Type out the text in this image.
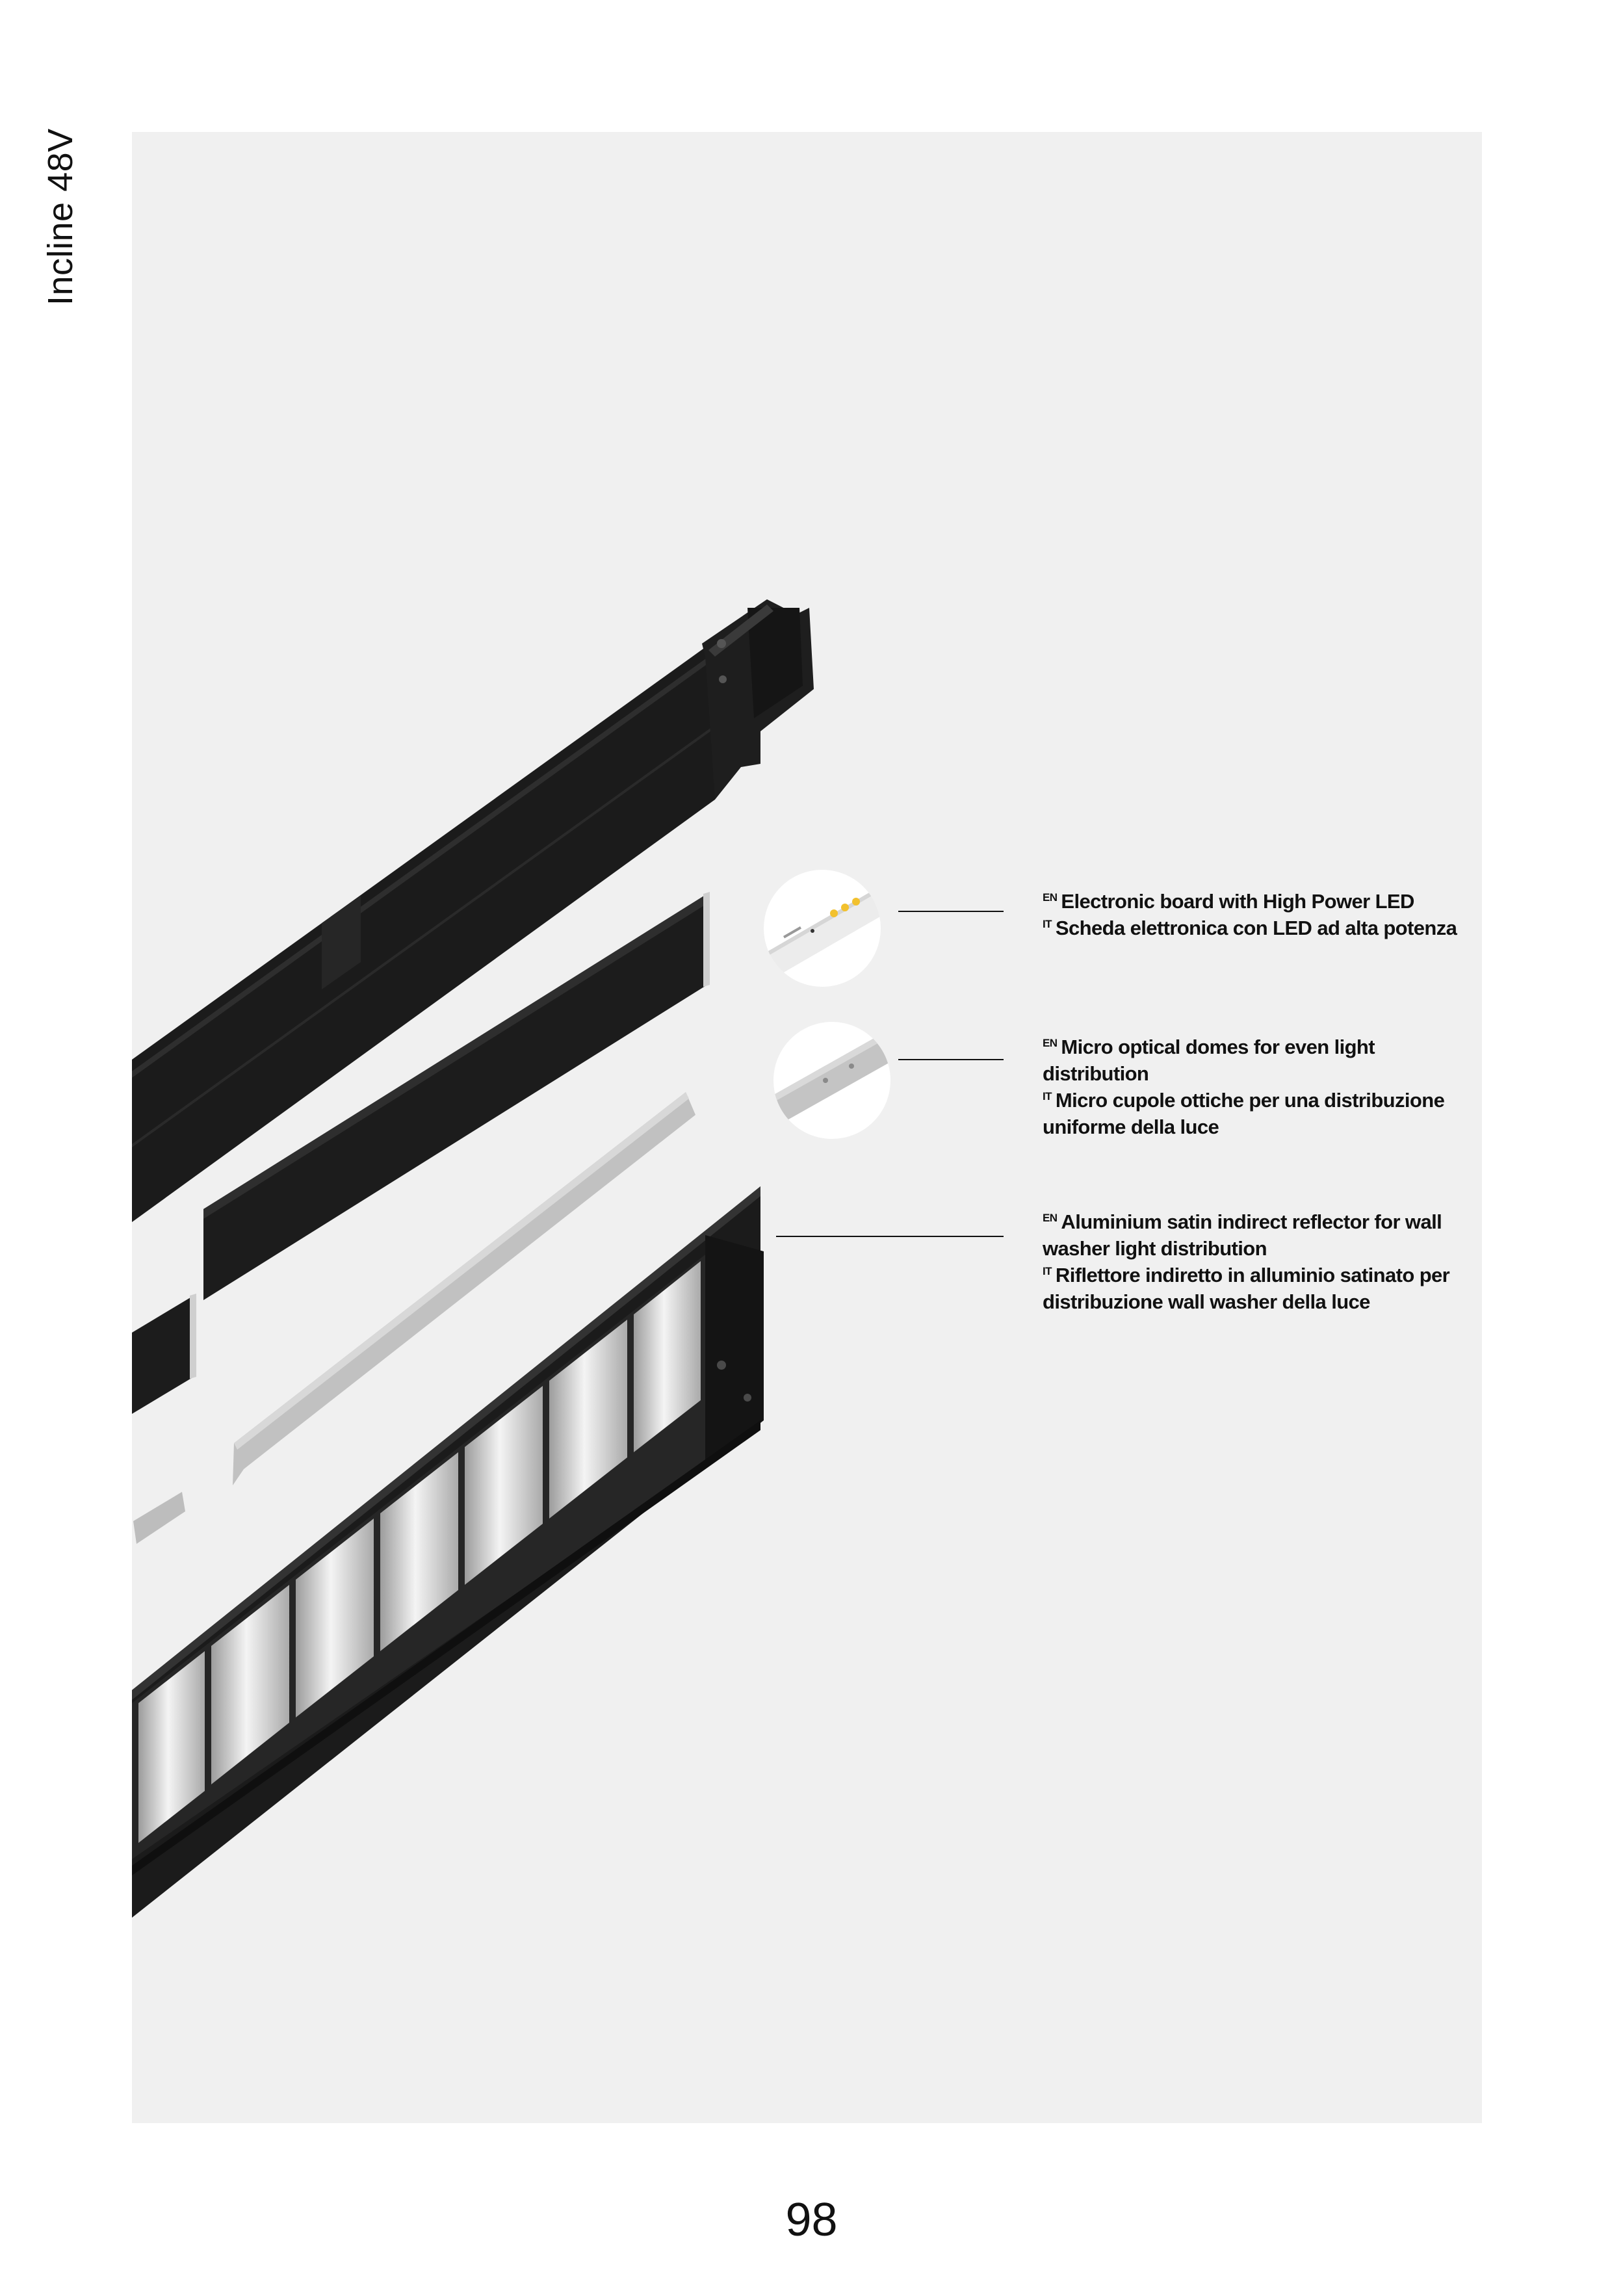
Incline 48V

$^{EN}$ Electronic board with High Power LED

$^{IT}$ Scheda elettronica con LED ad alta potenza

$^{EN}$ Micro optical domes for even light distribution

$^{IT}$ Micro cupole ottiche per una distribuzione uniforme della luce

$^{EN}$ Aluminium satin indirect reflector for wall washer light distribution

$^{IT}$ Riflettore indiretto in alluminio satinato per distribuzione wall washer della luce

98
